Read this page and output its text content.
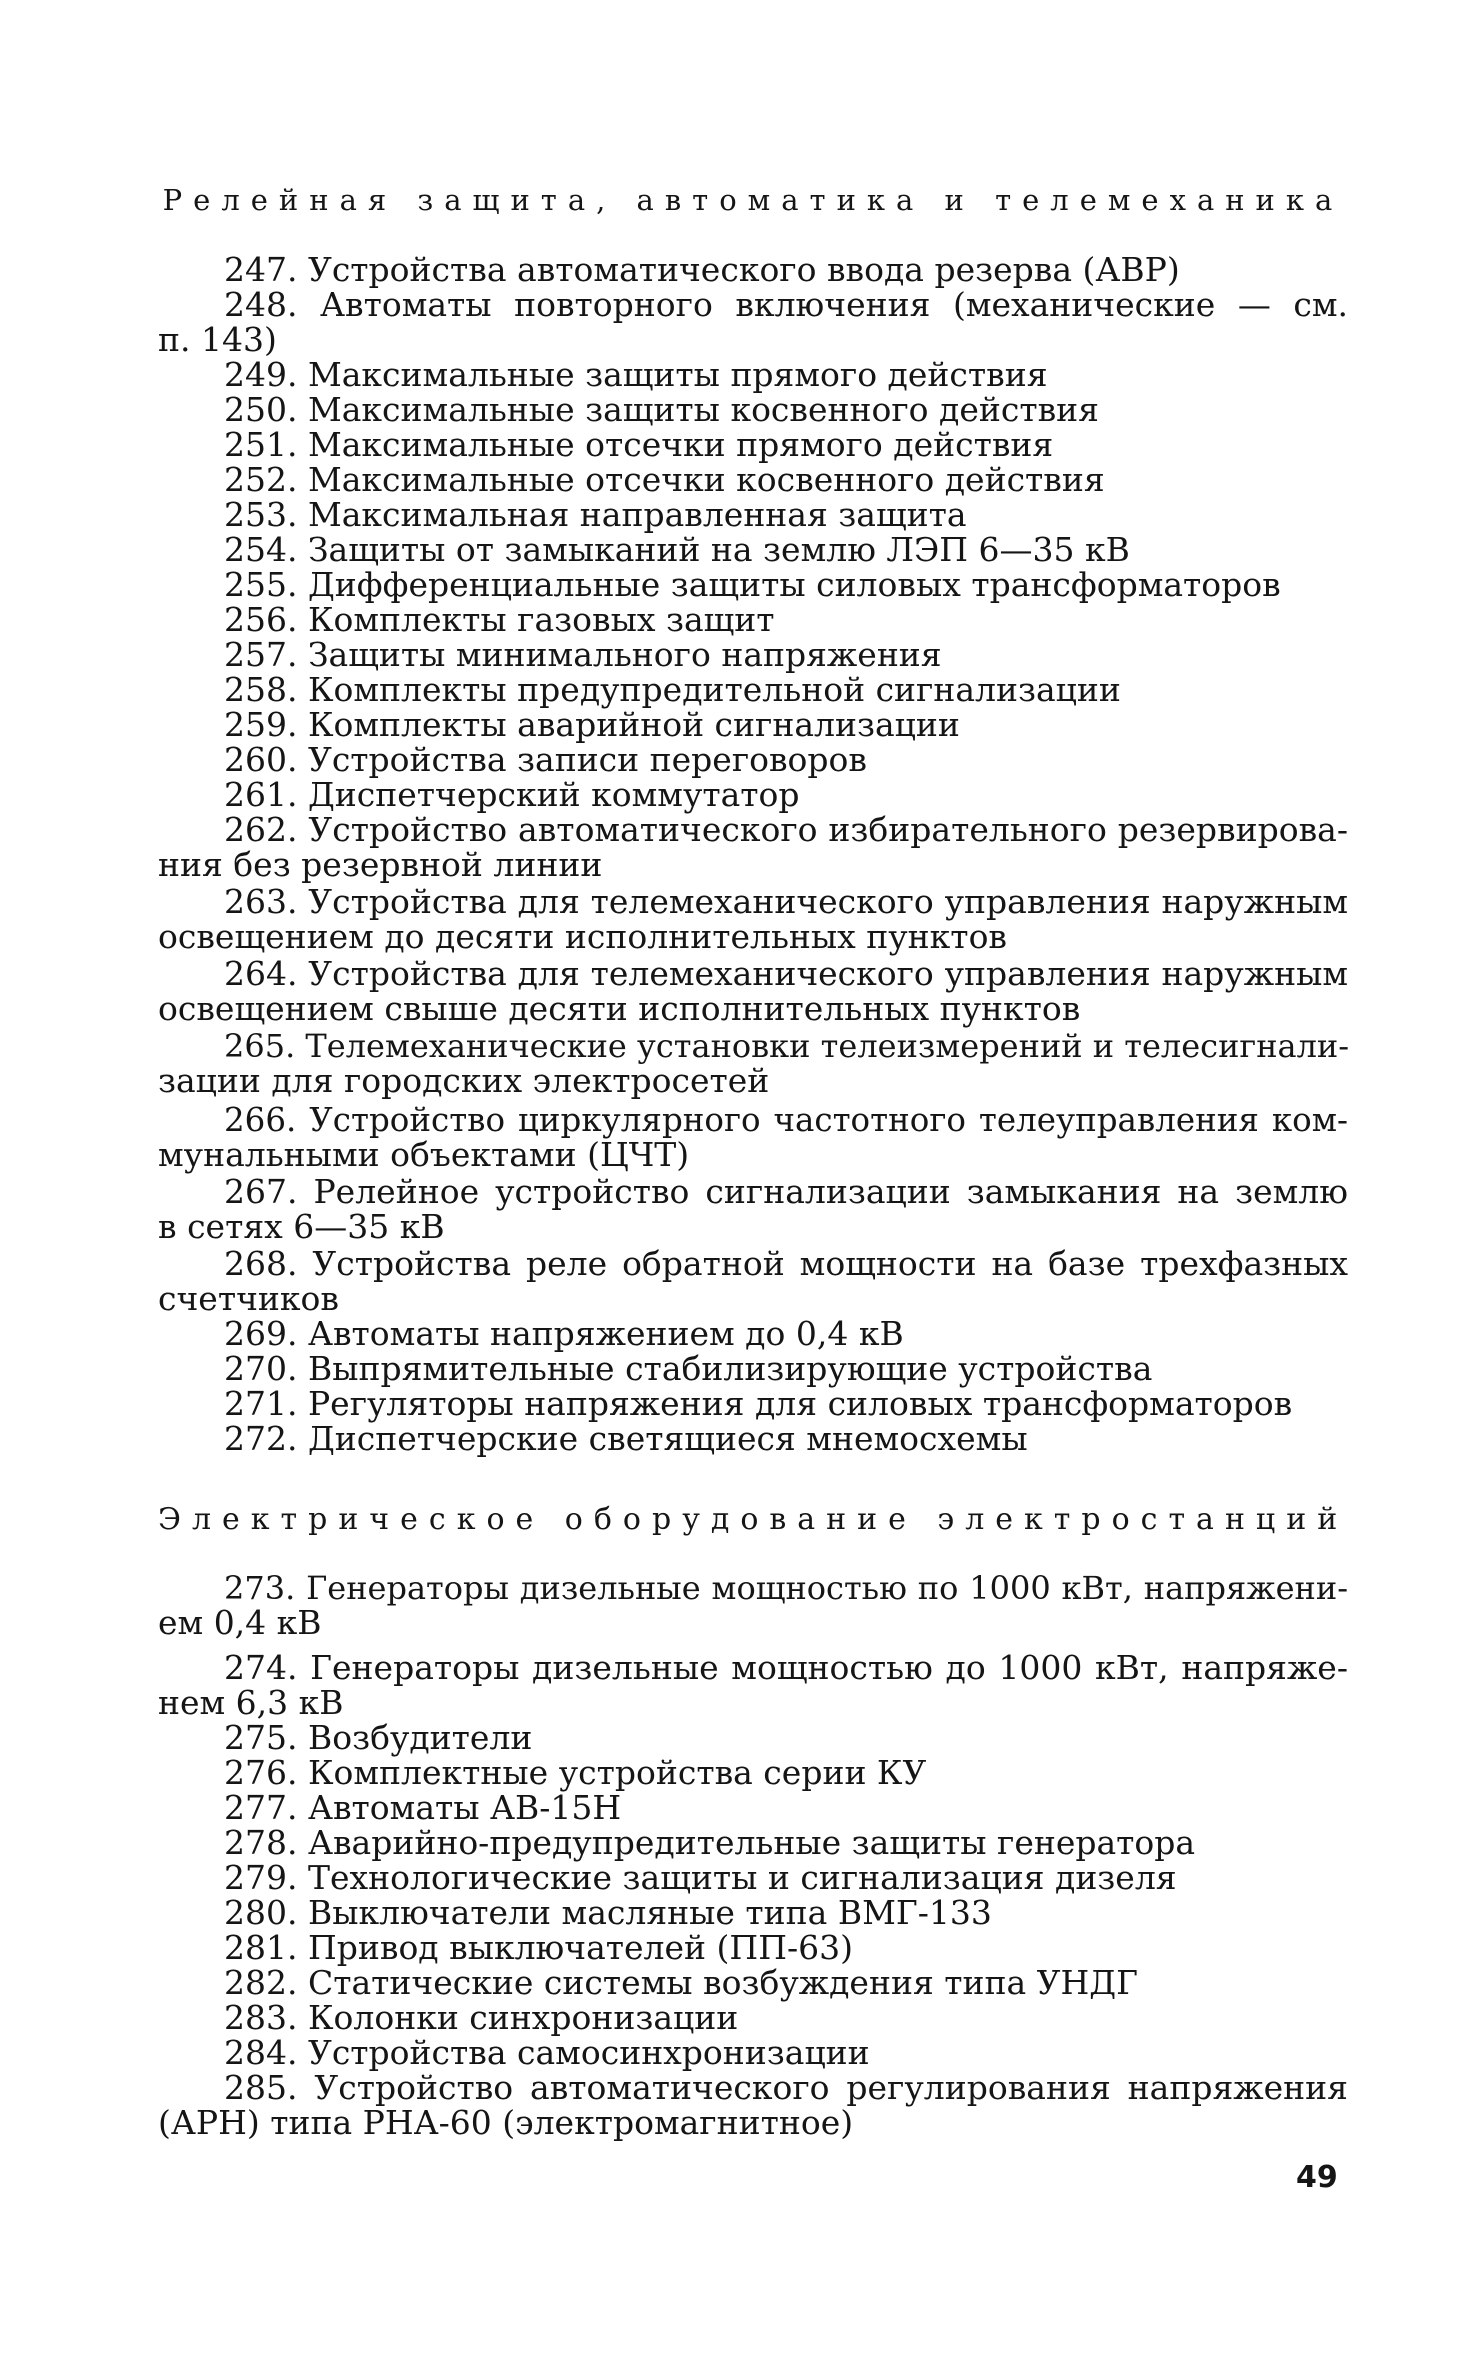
Релейная защита, автоматика и телемеханика
247. Устройства автоматического ввода резерва (АВР)
248. Автоматы повторного включения (механические — см.
п. 143)
249. Максимальные защиты прямого действия
250. Максимальные защиты косвенного действия
251. Максимальные отсечки прямого действия
252. Максимальные отсечки косвенного действия
253. Максимальная направленная защита
254. Защиты от замыканий на землю ЛЭП 6—35 кВ
255. Дифференциальные защиты силовых трансформаторов
256. Комплекты газовых защит
257. Защиты минимального напряжения
258. Комплекты предупредительной сигнализации
259. Комплекты аварийной сигнализации
260. Устройства записи переговоров
261. Диспетчерский коммутатор
262. Устройство автоматического избирательного резервирова-
ния без резервной линии
263. Устройства для телемеханического управления наружным
освещением до десяти исполнительных пунктов
264. Устройства для телемеханического управления наружным
освещением свыше десяти исполнительных пунктов
265. Телемеханические установки телеизмерений и телесигнали-
зации для городских электросетей
266. Устройство циркулярного частотного телеуправления ком-
мунальными объектами (ЦЧТ)
267. Релейное устройство сигнализации замыкания на землю
в сетях 6—35 кВ
268. Устройства реле обратной мощности на базе трехфазных
счетчиков
269. Автоматы напряжением до 0,4 кВ
270. Выпрямительные стабилизирующие устройства
271. Регуляторы напряжения для силовых трансформаторов
272. Диспетчерские светящиеся мнемосхемы
Электрическое оборудование электростанций
273. Генераторы дизельные мощностью по 1000 кВт, напряжени-
ем 0,4 кВ
274. Генераторы дизельные мощностью до 1000 кВт, напряже-
нем 6,3 кВ
275. Возбудители
276. Комплектные устройства серии КУ
277. Автоматы АВ-15Н
278. Аварийно-предупредительные защиты генератора
279. Технологические защиты и сигнализация дизеля
280. Выключатели масляные типа ВМГ-133
281. Привод выключателей (ПП-63)
282. Статические системы возбуждения типа УНДГ
283. Колонки синхронизации
284. Устройства самосинхронизации
285. Устройство автоматического регулирования напряжения
(АРН) типа РНА-60 (электромагнитное)
49
